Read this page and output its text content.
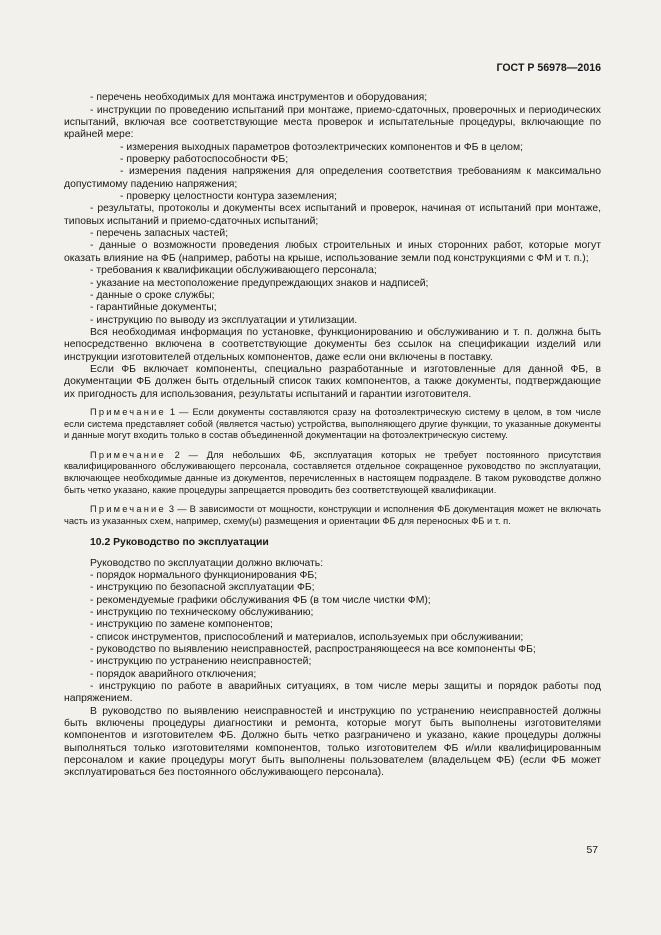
ГОСТ Р 56978—2016

- перечень необходимых для монтажа инструментов и оборудования;

- инструкции по проведению испытаний при монтаже, приемо-сдаточных, проверочных и периодических испытаний, включая все соответствующие места проверок и испытательные процедуры, включающие по крайней мере:

- измерения выходных параметров фотоэлектрических компонентов и ФБ в целом;

- проверку работоспособности ФБ;

- измерения падения напряжения для определения соответствия требованиям к максимально допустимому падению напряжения;

- проверку целостности контура заземления;

- результаты, протоколы и документы всех испытаний и проверок, начиная от испытаний при монтаже, типовых испытаний и приемо-сдаточных испытаний;

- перечень запасных частей;

- данные о возможности проведения любых строительных и иных сторонних работ, которые могут оказать влияние на ФБ (например, работы на крыше, использование земли под конструкциями с ФМ и т. п.);

- требования к квалификации обслуживающего персонала;

- указание на местоположение предупреждающих знаков и надписей;

- данные о сроке службы;

- гарантийные документы;

- инструкцию по выводу из эксплуатации и утилизации.

Вся необходимая информация по установке, функционированию и обслуживанию и т. п. должна быть непосредственно включена в соответствующие документы без ссылок на спецификации изделий или инструкции изготовителей отдельных компонентов, даже если они включены в поставку.

Если ФБ включает компоненты, специально разработанные и изготовленные для данной ФБ, в документации ФБ должен быть отдельный список таких компонентов, а также документы, подтверждающие их пригодность для использования, результаты испытаний и гарантии изготовителя.

Примечание 1 — Если документы составляются сразу на фотоэлектрическую систему в целом, в том числе если система представляет собой (является частью) устройства, выполняющего другие функции, то указанные документы и данные могут входить только в состав объединенной документации на фотоэлектрическую систему.

Примечание 2 — Для небольших ФБ, эксплуатация которых не требует постоянного присутствия квалифицированного обслуживающего персонала, составляется отдельное сокращенное руководство по эксплуатации, включающее необходимые данные из документов, перечисленных в настоящем подразделе. В таком руководстве должно быть четко указано, какие процедуры запрещается проводить без соответствующей квалификации.

Примечание 3 — В зависимости от мощности, конструкции и исполнения ФБ документация может не включать часть из указанных схем, например, схему(ы) размещения и ориентации ФБ для переносных ФБ и т. п.

10.2 Руководство по эксплуатации

Руководство по эксплуатации должно включать:

- порядок нормального функционирования ФБ;

- инструкцию по безопасной эксплуатации ФБ;

- рекомендуемые графики обслуживания ФБ (в том числе чистки ФМ);

- инструкцию по техническому обслуживанию;

- инструкцию по замене компонентов;

- список инструментов, приспособлений и материалов, используемых при обслуживании;

- руководство по выявлению неисправностей, распространяющееся на все компоненты ФБ;

- инструкцию по устранению неисправностей;

- порядок аварийного отключения;

- инструкцию по работе в аварийных ситуациях, в том числе меры защиты и порядок работы под напряжением.

В руководство по выявлению неисправностей и инструкцию по устранению неисправностей должны быть включены процедуры диагностики и ремонта, которые могут быть выполнены изготовителями компонентов и изготовителем ФБ. Должно быть четко разграничено и указано, какие процедуры должны выполняться только изготовителями компонентов, только изготовителем ФБ и/или квалифицированным персоналом и какие процедуры могут быть выполнены пользователем (владельцем ФБ) (если ФБ может эксплуатироваться без постоянного обслуживающего персонала).

57
